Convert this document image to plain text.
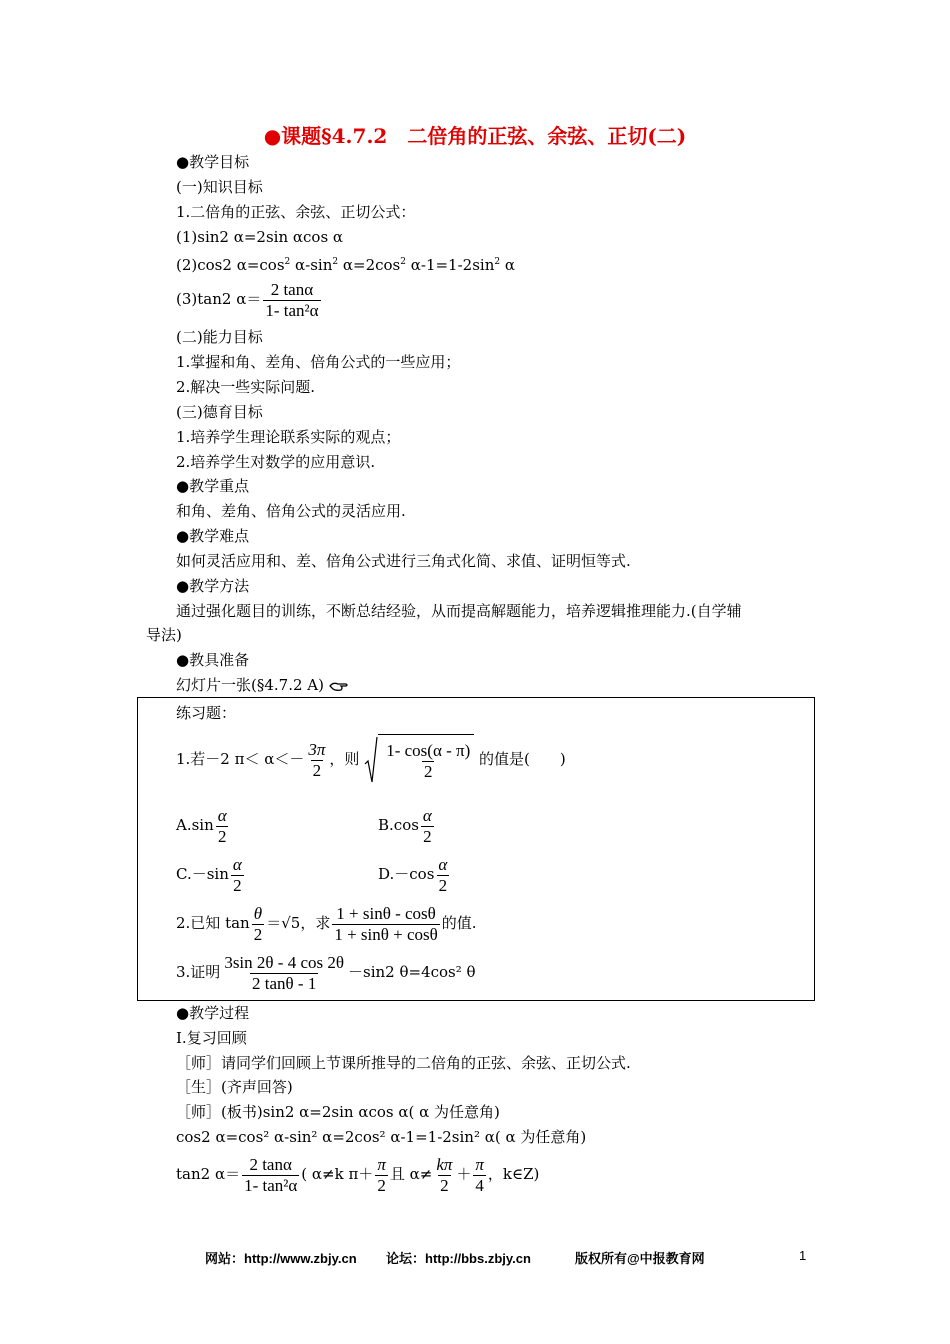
●课题§4.7.2　二倍角的正弦、余弦、正切(二)
●教学目标
(一)知识目标
1.二倍角的正弦、余弦、正切公式：
(1)sin2 α=2sin αcos α
(2)cos2 $\alpha=\cos^2$ $\alpha-\sin^2$ $\alpha=2\cos^2$ $\alpha-1=1-2\sin^2$ α
(3)tan2 $\alpha= \frac{2 \tan\alpha}{\text{1- tan²α}}$
(二)能力目标
1.掌握和角、差角、倍角公式的一些应用；
2.解决一些实际问题.
(三)德育目标
1.培养学生理论联系实际的观点；
2.培养学生对数学的应用意识.
●教学重点
和角、差角、倍角公式的灵活应用.
●教学难点
如何灵活应用和、差、倍角公式进行三角式化简、求值、证明恒等式.
●教学方法
通过强化题目的训练，不断总结经验，从而提高解题能力，培养逻辑推理能力.(自学辅
导法)
●教具准备
幻灯片一张(§4.7.2 A)
练习题：
1.若－2 $\pi< \alpha<- \frac{3\pi}{2}$ ，则 $\frac{1- \cos(\alpha - \pi)}{2}$ 的值是(　　)
$A.\sin \frac{\alpha}{2}$	$B.\cos \frac{\alpha}{2}$
$C.-\sin \frac{\alpha}{2}$	$D.-\cos \frac{\alpha}{2}$
2.已知 $\tan \frac{\theta}{2} =√5$，求 $\frac{1 + \sin\theta - \cos\theta}{1 + \sin\theta + \cos\theta}$ 的值.
3.证明 $\frac{3\sin 2\theta - 4 \cos 2\theta}{2 \tan\theta - 1} -\sin 2$ θ=4cos² θ
●教学过程
Ⅰ.复习回顾
［师］请同学们回顾上节课所推导的二倍角的正弦、余弦、正切公式.
［生］(齐声回答)
［师］(板书)sin2 α=2sin αcos α( α 为任意角)
cos2 α=cos² α-sin² α=2cos² α-1=1-2sin² α( α 为任意角)
tan2 $\alpha= \frac{2 \tan\alpha}{\text{1- tan²α}}$ ( α≠k $\pi+ \frac{\pi}{2}$ 且 $\alpha\ne \frac{k\pi}{2} + \frac{\pi}{4}$ ，k∈Z)
网站：http://www.zbjy.cn 论坛：http://bbs.zbjy.cn	版权所有@中报教育网	1
